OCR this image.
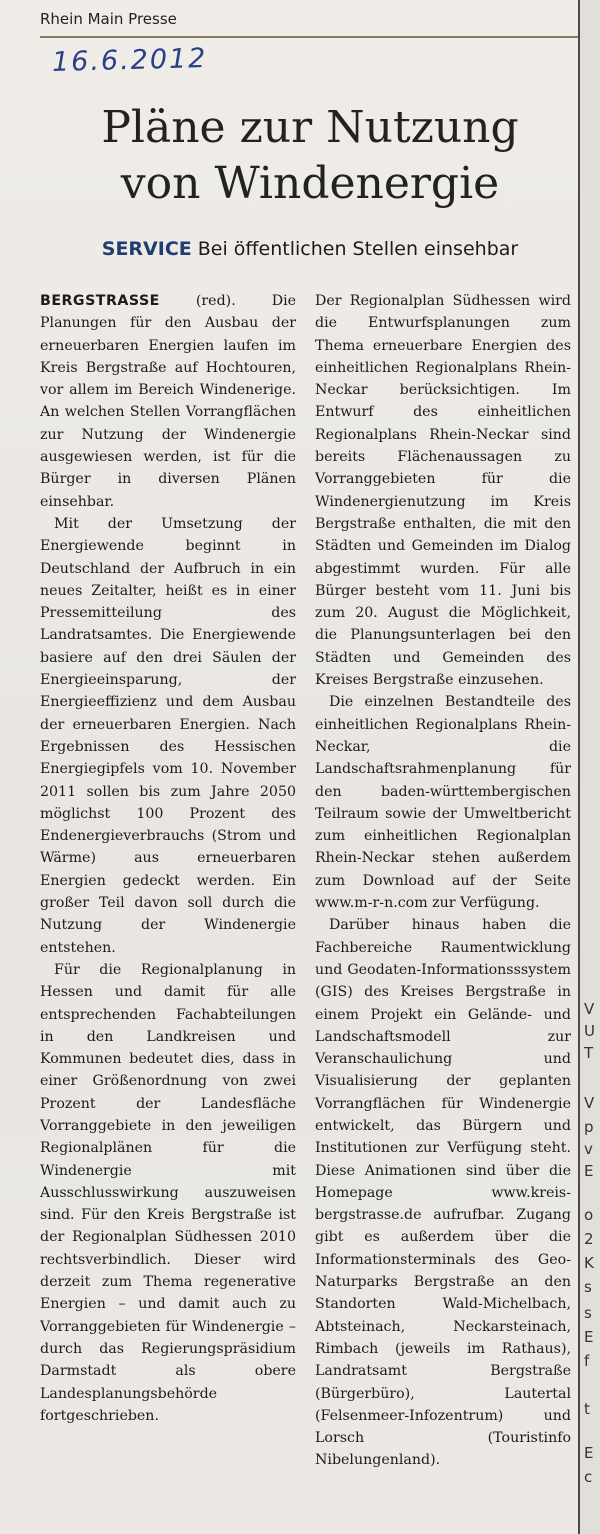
Rhein Main Presse
16.6.2012
Pläne zur Nutzung
von Windenergie
SERVICE Bei öffentlichen Stellen einsehbar

BERGSTRASSE (red). Die Planungen für den Ausbau der erneuerbaren Energien laufen im Kreis Bergstraße auf Hochtouren, vor allem im Bereich Windenerige. An welchen Stellen Vorrangflächen zur Nutzung der Windenergie ausgewiesen werden, ist für die Bürger in diversen Plänen einsehbar.

Mit der Umsetzung der Energiewende beginnt in Deutschland der Aufbruch in ein neues Zeitalter, heißt es in einer Pressemitteilung des Landratsamtes. Die Energiewende basiere auf den drei Säulen der Energieeinsparung, der Energieeffizienz und dem Ausbau der erneuerbaren Energien. Nach Ergebnissen des Hessischen Energiegipfels vom 10. November 2011 sollen bis zum Jahre 2050 möglichst 100 Prozent des Endenergieverbrauchs (Strom und Wärme) aus erneuerbaren Energien gedeckt werden. Ein großer Teil davon soll durch die Nutzung der Windenergie entstehen.

Für die Regionalplanung in Hessen und damit für alle entsprechenden Fachabteilungen in den Landkreisen und Kommunen bedeutet dies, dass in einer Größenordnung von zwei Prozent der Landesfläche Vorranggebiete in den jeweiligen Regionalplänen für die Windenergie mit Ausschlusswirkung auszuweisen sind. Für den Kreis Bergstraße ist der Regionalplan Südhessen 2010 rechtsverbindlich. Dieser wird derzeit zum Thema regenerative Energien – und damit auch zu Vorranggebieten für Windenergie – durch das Regierungspräsidium Darmstadt als obere Landesplanungsbehörde fortgeschrieben.

Der Regionalplan Südhessen wird die Entwurfsplanungen zum Thema erneuerbare Energien des einheitlichen Regionalplans Rhein-Neckar berücksichtigen. Im Entwurf des einheitlichen Regionalplans Rhein-Neckar sind bereits Flächenaussagen zu Vorranggebieten für die Windenergienutzung im Kreis Bergstraße enthalten, die mit den Städten und Gemeinden im Dialog abgestimmt wurden. Für alle Bürger besteht vom 11. Juni bis zum 20. August die Möglichkeit, die Planungsunterlagen bei den Städten und Gemeinden des Kreises Bergstraße einzusehen.

Die einzelnen Bestandteile des einheitlichen Regionalplans Rhein-Neckar, die Landschaftsrahmenplanung für den baden-württembergischen Teilraum sowie der Umweltbericht zum einheitlichen Regionalplan Rhein-Neckar stehen außerdem zum Download auf der Seite www.m-r-n.com zur Verfügung.

Darüber hinaus haben die Fachbereiche Raumentwicklung und Geodaten-Informationsssystem (GIS) des Kreises Bergstraße in einem Projekt ein Gelände- und Landschaftsmodell zur Veranschaulichung und Visualisierung der geplanten Vorrangflächen für Windenergie entwickelt, das Bürgern und Institutionen zur Verfügung steht. Diese Animationen sind über die Homepage www.kreis-bergstrasse.de aufrufbar. Zugang gibt es außerdem über die Informationsterminals des Geo-Naturparks Bergstraße an den Standorten Wald-Michelbach, Abtsteinach, Neckarsteinach, Rimbach (jeweils im Rathaus), Landratsamt Bergstraße (Bürgerbüro), Lautertal (Felsenmeer-Infozentrum) und Lorsch (Touristinfo Nibelungenland).

V
U
T
V
p
v
E
o
2
K
s
s
E
f
t
E
c
